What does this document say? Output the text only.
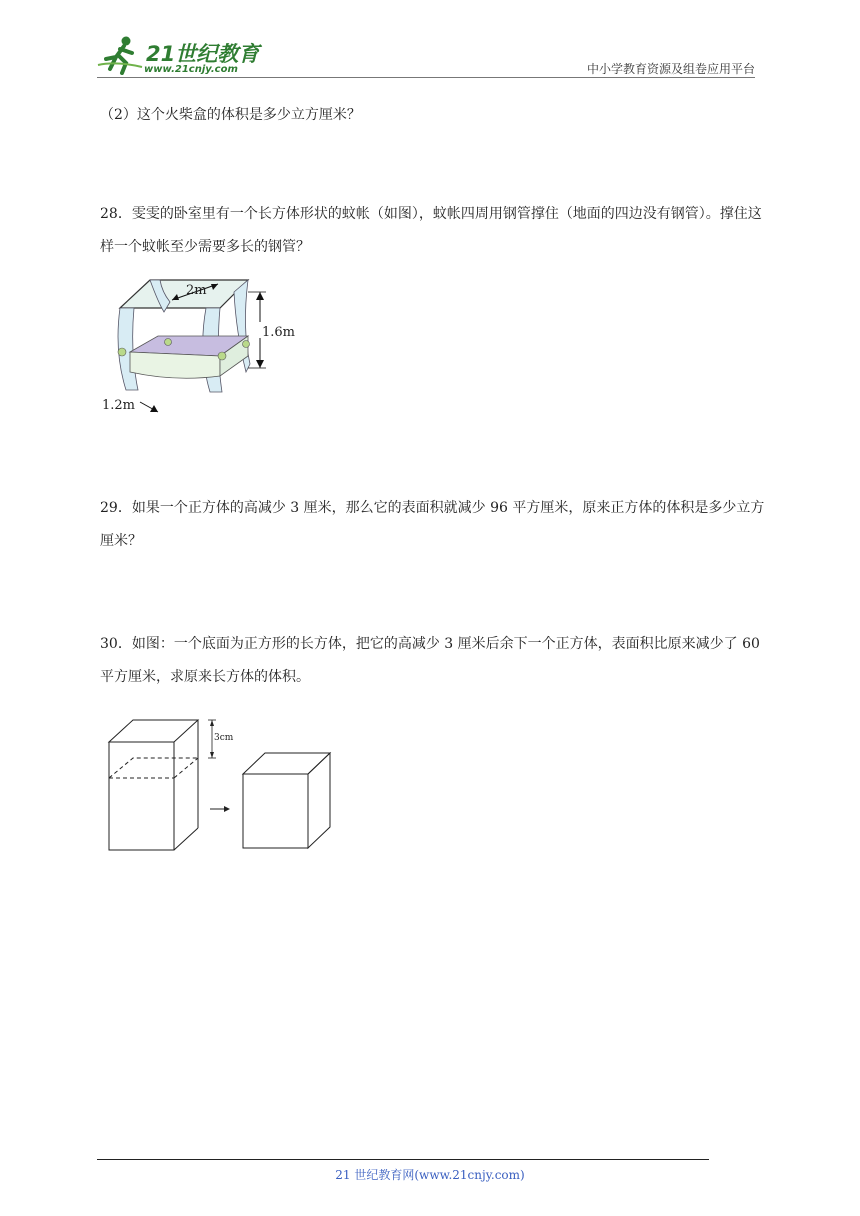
21世纪教育
www.21cnjy.com	中小学教育资源及组卷应用平台
（2）这个火柴盒的体积是多少立方厘米？
28．雯雯的卧室里有一个长方体形状的蚊帐（如图），蚊帐四周用钢管撑住（地面的四边没有钢管）。撑住这样一个蚊帐至少需要多长的钢管？
2m
1.6m
1.2m
29．如果一个正方体的高减少 3 厘米，那么它的表面积就减少 96 平方厘米，原来正方体的体积是多少立方厘米？
30．如图：一个底面为正方形的长方体，把它的高减少 3 厘米后余下一个正方体，表面积比原来减少了 60 平方厘米，求原来长方体的体积。
3cm
21 世纪教育网(www.21cnjy.com)
